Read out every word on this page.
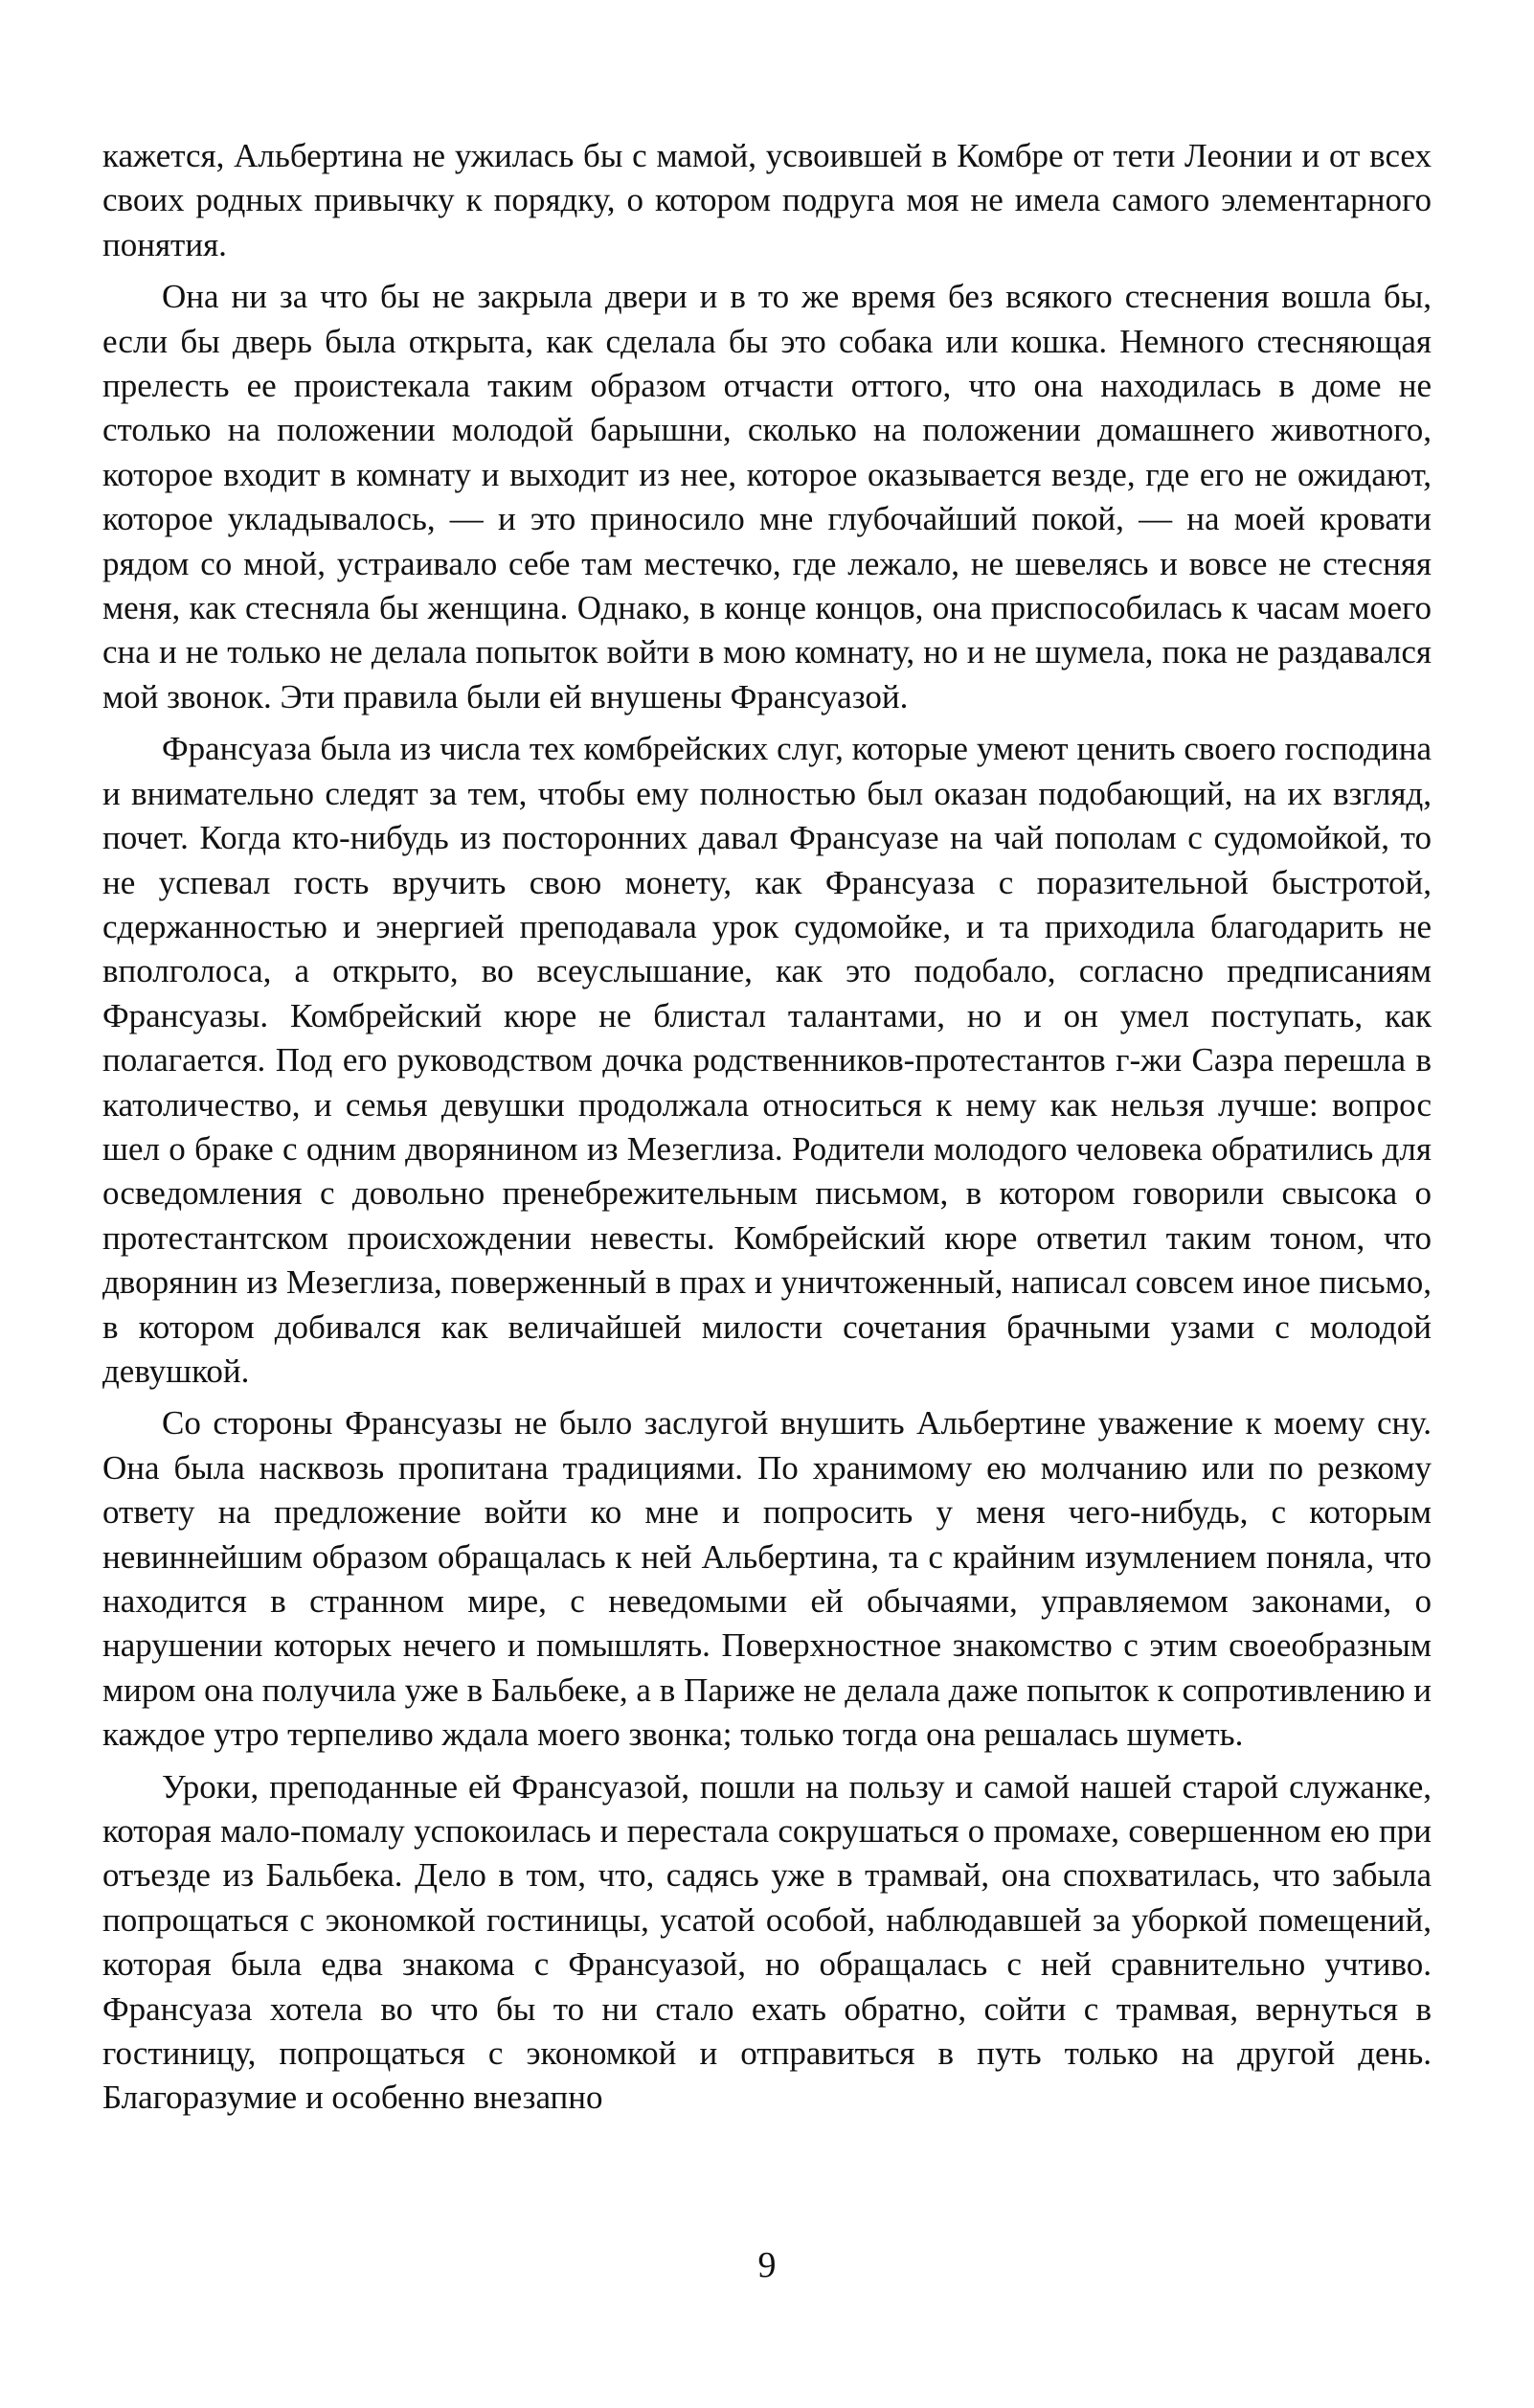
кажется, Альбертина не ужилась бы с мамой, усвоившей в Комбре от тети Леонии и от всех своих родных привычку к порядку, о котором подруга моя не имела самого элементарного понятия.

Она ни за что бы не закрыла двери и в то же время без всякого стеснения вошла бы, если бы дверь была открыта, как сделала бы это собака или кошка. Немного стесняющая прелесть ее проистекала таким образом отчасти оттого, что она находилась в доме не столько на положении молодой барышни, сколько на положении домашнего животного, которое входит в комнату и выходит из нее, которое оказывается везде, где его не ожидают, которое укладывалось, — и это приносило мне глубочайший покой, — на моей кровати рядом со мной, устраивало себе там местечко, где лежало, не шевелясь и вовсе не стесняя меня, как стесняла бы женщина. Однако, в конце концов, она приспособилась к часам моего сна и не только не делала попыток войти в мою комнату, но и не шумела, пока не раздавался мой звонок. Эти правила были ей внушены Франсуазой.

Франсуаза была из числа тех комбрейских слуг, которые умеют ценить своего господина и внимательно следят за тем, чтобы ему полностью был оказан подобающий, на их взгляд, почет. Когда кто-нибудь из посторонних давал Франсуазе на чай пополам с судомойкой, то не успевал гость вручить свою монету, как Франсуаза с поразительной быстротой, сдержанностью и энергией преподавала урок судомойке, и та приходила благодарить не вполголоса, а открыто, во всеуслышание, как это подобало, согласно предписаниям Франсуазы. Комбрейский кюре не блистал талантами, но и он умел поступать, как полагается. Под его руководством дочка родственников-протестантов г-жи Сазра перешла в католичество, и семья девушки продолжала относиться к нему как нельзя лучше: вопрос шел о браке с одним дворянином из Мезеглиза. Родители молодого человека обратились для осведомления с довольно пренебрежительным письмом, в котором говорили свысока о протестантском происхождении невесты. Комбрейский кюре ответил таким тоном, что дворянин из Мезеглиза, поверженный в прах и уничтоженный, написал совсем иное письмо, в котором добивался как величайшей милости сочетания брачными узами с молодой девушкой.

Со стороны Франсуазы не было заслугой внушить Альбертине уважение к моему сну. Она была насквозь пропитана традициями. По хранимому ею молчанию или по резкому ответу на предложение войти ко мне и попросить у меня чего-нибудь, с которым невиннейшим образом обращалась к ней Альбертина, та с крайним изумлением поняла, что находится в странном мире, с неведомыми ей обычаями, управляемом законами, о нарушении которых нечего и помышлять. Поверхностное знакомство с этим своеобразным миром она получила уже в Бальбеке, а в Париже не делала даже попыток к сопротивлению и каждое утро терпеливо ждала моего звонка; только тогда она решалась шуметь.

Уроки, преподанные ей Франсуазой, пошли на пользу и самой нашей старой служанке, которая мало-помалу успокоилась и перестала сокрушаться о промахе, совершенном ею при отъезде из Бальбека. Дело в том, что, садясь уже в трамвай, она спохватилась, что забыла попрощаться с экономкой гостиницы, усатой особой, наблюдавшей за уборкой помещений, которая была едва знакома с Франсуазой, но обращалась с ней сравнительно учтиво. Франсуаза хотела во что бы то ни стало ехать обратно, сойти с трамвая, вернуться в гостиницу, попрощаться с экономкой и отправиться в путь только на другой день. Благоразумие и особенно внезапно

9
